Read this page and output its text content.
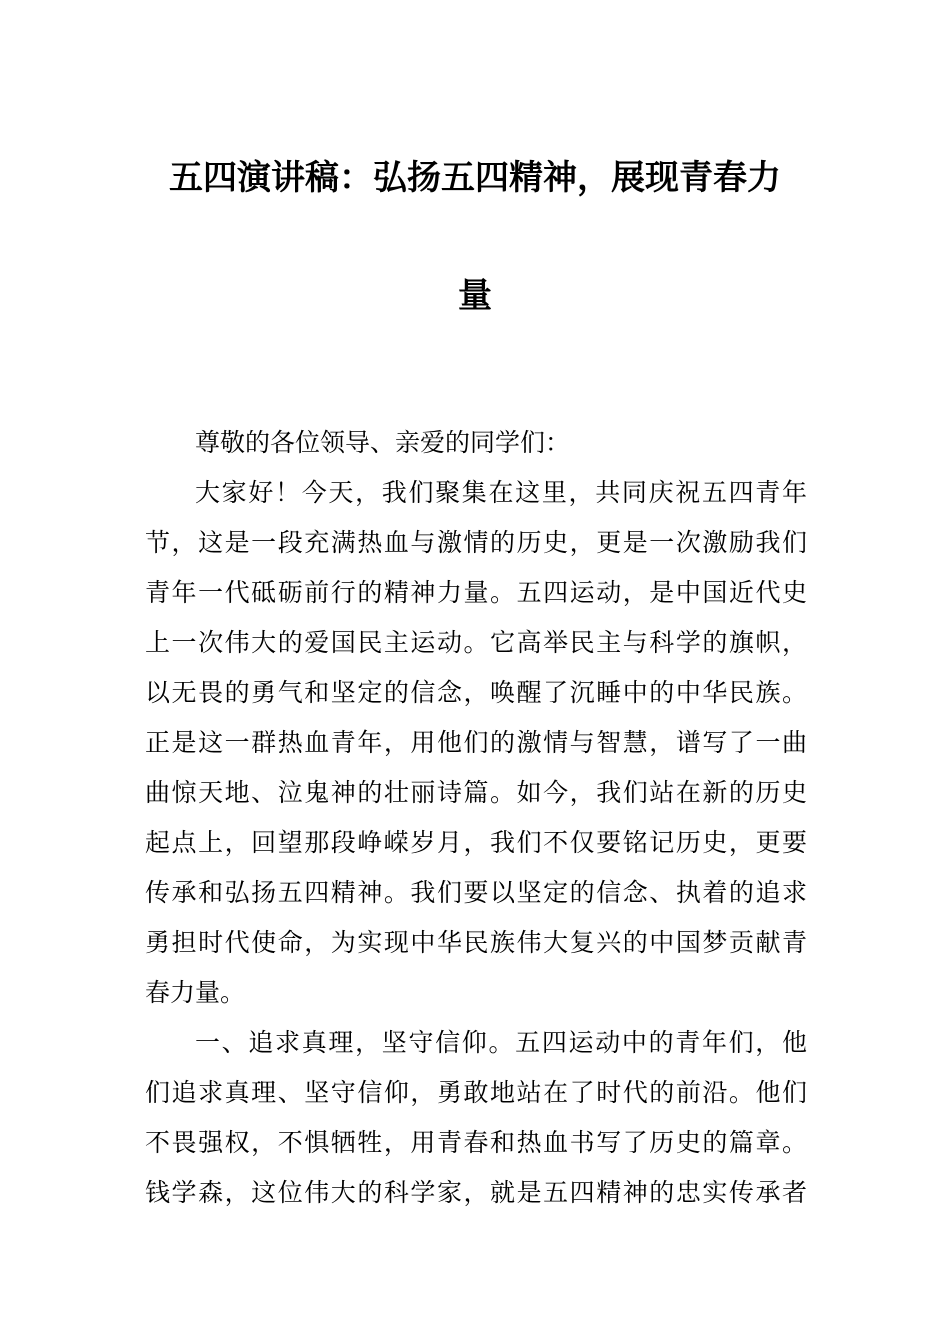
五四演讲稿：弘扬五四精神，展现青春力
量
尊敬的各位领导、亲爱的同学们：
大家好！今天，我们聚集在这里，共同庆祝五四青年
节，这是一段充满热血与激情的历史，更是一次激励我们
青年一代砥砺前行的精神力量。五四运动，是中国近代史
上一次伟大的爱国民主运动。它高举民主与科学的旗帜，
以无畏的勇气和坚定的信念，唤醒了沉睡中的中华民族。
正是这一群热血青年，用他们的激情与智慧，谱写了一曲
曲惊天地、泣鬼神的壮丽诗篇。如今，我们站在新的历史
起点上，回望那段峥嵘岁月，我们不仅要铭记历史，更要
传承和弘扬五四精神。我们要以坚定的信念、执着的追求
勇担时代使命，为实现中华民族伟大复兴的中国梦贡献青
春力量。
一、追求真理，坚守信仰。五四运动中的青年们，他
们追求真理、坚守信仰，勇敢地站在了时代的前沿。他们
不畏强权，不惧牺牲，用青春和热血书写了历史的篇章。
钱学森，这位伟大的科学家，就是五四精神的忠实传承者
